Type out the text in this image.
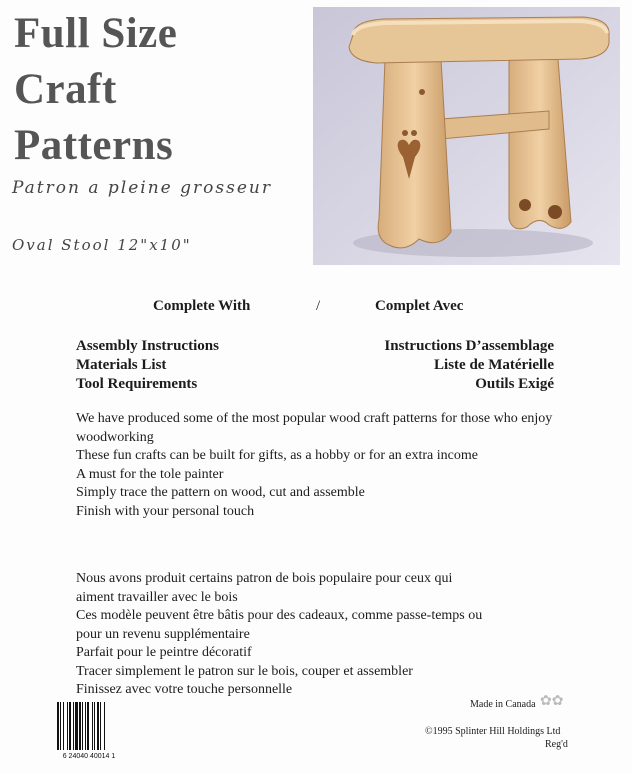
Full Size
Craft
Patterns
Patron a pleine grosseur
Oval Stool 12"x10"
Complete With	/	Complet Avec
Assembly Instructions
Materials List
Tool Requirements
Instructions D’assemblage
Liste de Matérielle
Outils Exigé
We have produced some of the most popular wood craft patterns for those who enjoy woodworking
These fun crafts can be built for gifts, as a hobby or for an extra income
A must for the tole painter
Simply trace the pattern on wood, cut and assemble
Finish with your personal touch
Nous avons produit certains patron de bois populaire pour ceux qui
aiment travailler avec le bois
Ces modèle peuvent être bâtis pour des cadeaux, comme passe-temps ou
pour un revenu supplémentaire
Parfait pour le peintre décoratif
Tracer simplement le patron sur le bois, couper et assembler
Finissez avec votre touche personnelle
Made in Canada ✿✿
©1995 Splinter Hill Holdings Ltd
Reg'd
6 24040 40014 1
